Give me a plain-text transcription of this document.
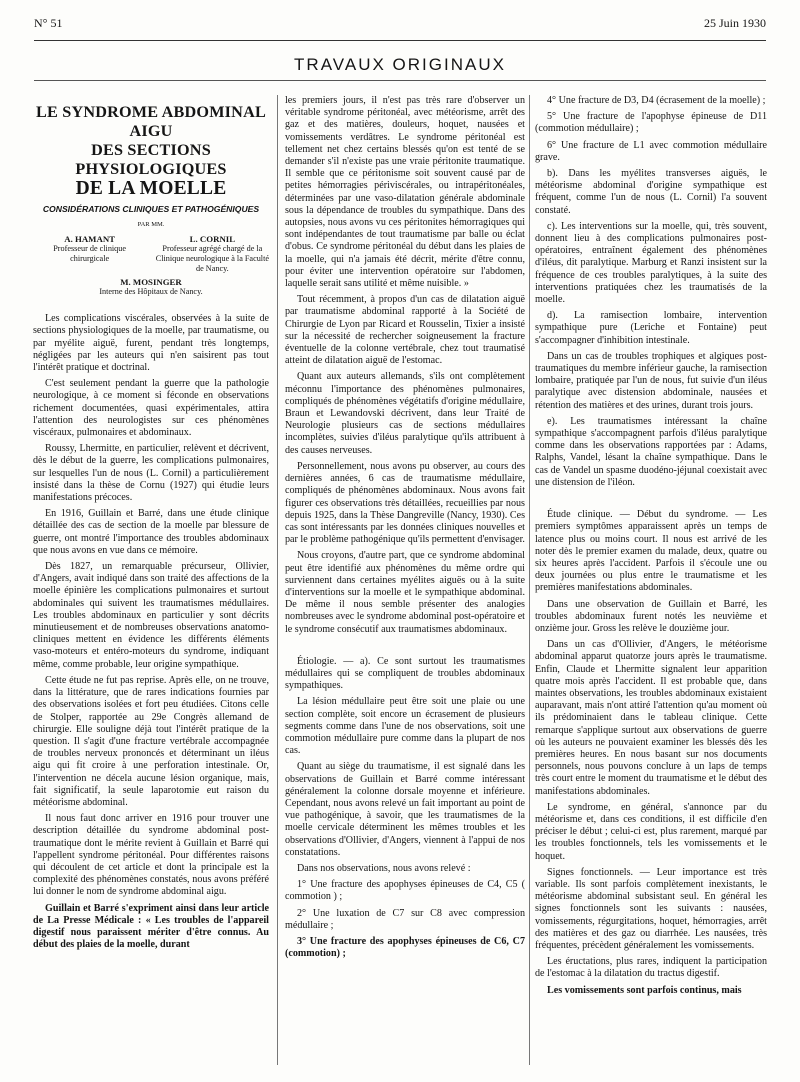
N° 51	25 Juin 1930
TRAVAUX ORIGINAUX
LE SYNDROME ABDOMINAL AIGU
DES SECTIONS PHYSIOLOGIQUES
DE LA MOELLE
CONSIDÉRATIONS CLINIQUES ET PATHOGÉNIQUES
PAR MM.
A. HAMANT
Professeur de clinique chirurgicale
L. CORNIL
Professeur agrégé chargé de la Clinique neurologique à la Faculté de Nancy.
M. MOSINGER
Interne des Hôpitaux de Nancy.

Les complications viscérales, observées à la suite de sections physiologiques de la moelle, par traumatisme, ou par myélite aiguë, furent, pendant très longtemps, négligées par les auteurs qui n'en saisirent pas tout l'intérêt pratique et doctrinal.

C'est seulement pendant la guerre que la pathologie neurologique, à ce moment si féconde en observations richement documentées, quasi expérimentales, attira l'attention des neurologistes sur ces phénomènes viscéraux, pulmonaires et abdominaux.

Roussy, Lhermitte, en particulier, relèvent et décrivent, dès le début de la guerre, les complications pulmonaires, sur lesquelles l'un de nous (L. Cornil) a particulièrement insisté dans la thèse de Cornu (1927) qui étudie leurs manifestations précoces.

En 1916, Guillain et Barré, dans une étude clinique détaillée des cas de section de la moelle par blessure de guerre, ont montré l'importance des troubles abdominaux que nous avons en vue dans ce mémoire.

Dès 1827, un remarquable précurseur, Ollivier, d'Angers, avait indiqué dans son traité des affections de la moelle épinière les complications pulmonaires et surtout abdominales qui suivent les traumatismes médullaires. Les troubles abdominaux en particulier y sont décrits minutieusement et de nombreuses observations anatomo-cliniques mettent en évidence les différents éléments vaso-moteurs et entéro-moteurs du syndrome, indiquant même, comme probable, leur origine sympathique.

Cette étude ne fut pas reprise. Après elle, on ne trouve, dans la littérature, que de rares indications fournies par des observations isolées et fort peu étudiées. Citons celle de Stolper, rapportée au 29e Congrès allemand de chirurgie. Elle souligne déjà tout l'intérêt pratique de la question. Il s'agit d'une fracture vertébrale accompagnée de troubles nerveux prononcés et déterminant un iléus aigu qui fit croire à une perforation intestinale. Or, l'intervention ne décela aucune lésion organique, mais, fait significatif, la seule laparotomie eut raison du météorisme abdominal.

Il nous faut donc arriver en 1916 pour trouver une description détaillée du syndrome abdominal post-traumatique dont le mérite revient à Guillain et Barré qui l'appellent syndrome péritonéal. Pour différentes raisons qui découlent de cet article et dont la principale est la complexité des phénomènes constatés, nous avons préféré lui donner le nom de syndrome abdominal aigu.

Guillain et Barré s'expriment ainsi dans leur article de La Presse Médicale : « Les troubles de l'appareil digestif nous paraissent mériter d'être connus. Au début des plaies de la moelle, durant

les premiers jours, il n'est pas très rare d'observer un véritable syndrome péritonéal, avec météorisme, arrêt des gaz et des matières, douleurs, hoquet, nausées et vomissements verdâtres. Le syndrome péritonéal est tellement net chez certains blessés qu'on est tenté de se demander s'il n'existe pas une vraie péritonite traumatique. Il semble que ce péritonisme soit souvent causé par de petites hémorragies périviscérales, ou intrapéritonéales, déterminées par une vaso-dilatation générale abdominale sous la dépendance de troubles du sympathique. Dans des autopsies, nous avons vu ces péritonites hémorragiques qui sont indépendantes de tout traumatisme par balle ou éclat d'obus. Ce syndrome péritonéal du début dans les plaies de la moelle, qui n'a jamais été décrit, mérite d'être connu, pour éviter une intervention opératoire sur l'abdomen, laquelle serait sans utilité et même nuisible. »

Tout récemment, à propos d'un cas de dilatation aiguë par traumatisme abdominal rapporté à la Société de Chirurgie de Lyon par Ricard et Rousselin, Tixier a insisté sur la nécessité de rechercher soigneusement la fracture éventuelle de la colonne vertébrale, chez tout traumatisé atteint de dilatation aiguë de l'estomac.

Quant aux auteurs allemands, s'ils ont complètement méconnu l'importance des phénomènes pulmonaires, compliqués de phénomènes végétatifs d'origine médullaire, Braun et Lewandovski décrivent, dans leur Traité de Neurologie plusieurs cas de sections médullaires incomplètes, suivies d'iléus paralytique qu'ils attribuent à des causes nerveuses.

Personnellement, nous avons pu observer, au cours des dernières années, 6 cas de traumatisme médullaire, compliqués de phénomènes abdominaux. Nous avons fait figurer ces observations très détaillées, recueillies par nous depuis 1925, dans la Thèse Dangreville (Nancy, 1930). Ces cas sont intéressants par les données cliniques nouvelles et par le problème pathogénique qu'ils permettent d'envisager.

Nous croyons, d'autre part, que ce syndrome abdominal peut être identifié aux phénomènes du même ordre qui surviennent dans certaines myélites aiguës ou à la suite d'interventions sur la moelle et le sympathique abdominal. De même il nous semble présenter des analogies nombreuses avec le syndrome abdominal post-opératoire et le syndrome consécutif aux traumatismes abdominaux.

Étiologie. — a). Ce sont surtout les traumatismes médullaires qui se compliquent de troubles abdominaux sympathiques.

La lésion médullaire peut être soit une plaie ou une section complète, soit encore un écrasement de plusieurs segments comme dans l'une de nos observations, soit une commotion médullaire pure comme dans la plupart de nos cas.

Quant au siège du traumatisme, il est signalé dans les observations de Guillain et Barré comme intéressant généralement la colonne dorsale moyenne et inférieure. Cependant, nous avons relevé un fait important au point de vue pathogénique, à savoir, que les traumatismes de la moelle cervicale déterminent les mêmes troubles et les observations d'Ollivier, d'Angers, viennent à l'appui de nos constatations.

Dans nos observations, nous avons relevé :

1° Une fracture des apophyses épineuses de C4, C5 ( commotion ) ;

2° Une luxation de C7 sur C8 avec compression médullaire ;

3° Une fracture des apophyses épineuses de C6, C7 (commotion) ;

4° Une fracture de D3, D4 (écrasement de la moelle) ;

5° Une fracture de l'apophyse épineuse de D11 (commotion médullaire) ;

6° Une fracture de L1 avec commotion médullaire grave.

b). Dans les myélites transverses aiguës, le météorisme abdominal d'origine sympathique est fréquent, comme l'un de nous (L. Cornil) l'a souvent constaté.

c). Les interventions sur la moelle, qui, très souvent, donnent lieu à des complications pulmonaires post-opératoires, entraînent également des phénomènes d'iléus, dit paralytique. Marburg et Ranzi insistent sur la fréquence de ces troubles paralytiques, à la suite des interventions pratiquées chez les traumatisés de la moelle.

d). La ramisection lombaire, intervention sympathique pure (Leriche et Fontaine) peut s'accompagner d'inhibition intestinale.

Dans un cas de troubles trophiques et algiques post-traumatiques du membre inférieur gauche, la ramisection lombaire, pratiquée par l'un de nous, fut suivie d'un iléus paralytique avec distension abdominale, nausées et rétention des matières et des urines, durant trois jours.

e). Les traumatismes intéressant la chaîne sympathique s'accompagnent parfois d'iléus paralytique comme dans les observations rapportées par : Adams, Ralphs, Vandel, lésant la chaîne sympathique. Dans le cas de Vandel un spasme duodéno-jéjunal coexistait avec une distension de l'iléon.

Étude clinique. — Début du syndrome. — Les premiers symptômes apparaissent après un temps de latence plus ou moins court. Il nous est arrivé de les noter dès le premier examen du malade, deux, quatre ou six heures après l'accident. Parfois il s'écoule une ou deux journées ou plus entre le traumatisme et les premières manifestations abdominales.

Dans une observation de Guillain et Barré, les troubles abdominaux furent notés les neuvième et onzième jour. Gross les relève le douzième jour.

Dans un cas d'Ollivier, d'Angers, le météorisme abdominal apparut quatorze jours après le traumatisme. Enfin, Claude et Lhermitte signalent leur apparition quatre mois après l'accident. Il est probable que, dans maintes observations, les troubles abdominaux existaient auparavant, mais n'ont attiré l'attention qu'au moment où ils prédominaient dans le tableau clinique. Cette remarque s'applique surtout aux observations de guerre où les auteurs ne pouvaient examiner les blessés dès les premières heures. En nous basant sur nos documents personnels, nous pouvons conclure à un laps de temps très court entre le moment du traumatisme et le début des manifestations abdominales.

Le syndrome, en général, s'annonce par du météorisme et, dans ces conditions, il est difficile d'en préciser le début ; celui-ci est, plus rarement, marqué par les troubles fonctionnels, tels les vomissements et le hoquet.

Signes fonctionnels. — Leur importance est très variable. Ils sont parfois complètement inexistants, le météorisme abdominal subsistant seul. En général les signes fonctionnels sont les suivants : nausées, vomissements, régurgitations, hoquet, hémorragies, arrêt des matières et des gaz ou diarrhée. Les nausées, très fréquentes, précèdent généralement les vomissements.

Les éructations, plus rares, indiquent la participation de l'estomac à la dilatation du tractus digestif.

Les vomissements sont parfois continus, mais
